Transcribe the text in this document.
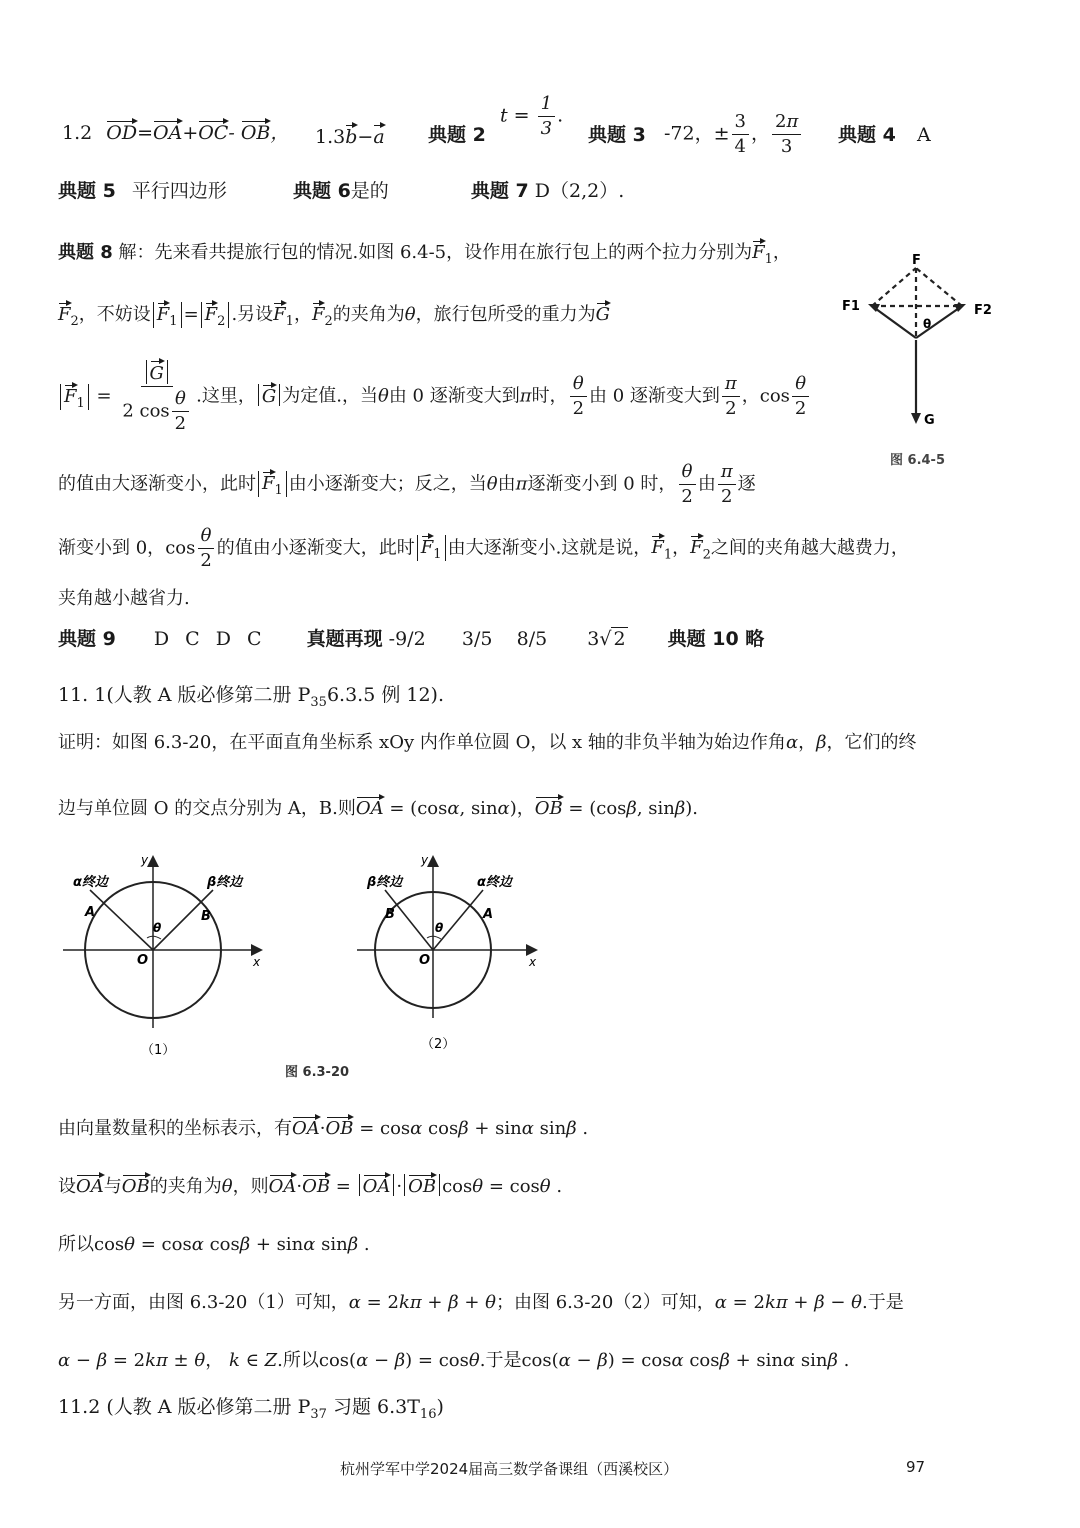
1.2 OD=OA+OC- OB， 1.3b−a 典题 2
$t = \frac{1}{3}$ .
典题 3 -72，± $\frac{3}{4}$ ， $\frac{2\pi}{3}$ 典题 4 A
典题 5 平行四边形	典题 6是的	典题 7 D（2,2）.
典题 8 解：先来看共提旅行包的情况.如图 6.4-5，设作用在旅行包上的两个拉力分别为$F_1$，
$F_2$，不妨设 $F_1 = F_2$ .另设$F_1$，$F_2$的夹角为θ，旅行包所受的重力为G
$F_1 = \frac{G}{2 \cos \frac{\theta}{2}}$ .这里， G 为定值.，当θ由 0 逐渐变大到π时， $\frac{\theta}{2}$ 由 0 逐渐变大到 $\frac{\pi}{2}$ ，$\cos \frac{\theta}{2}$
的值由大逐渐变小，此时 $F_1$ 由小逐渐变大；反之，当θ由π逐渐变小到 0 时， $\frac{\theta}{2}$ 由 $\frac{\pi}{2}$ 逐
渐变小到 0，$\cos \frac{\theta}{2}$ 的值由小逐渐变大，此时 $F_1$ 由大逐渐变小.这就是说，$F_1$，$F_2$之间的夹角越大越费力，
夹角越小越省力.
F
F1	F2
θ
G
图 6.4-5
典题 9 D C D C 真题再现 -9/2      3/5    8/5 3√ 2 典题 10 略
11. 1(人教 A 版必修第二册 $P_{35}6.3.5$ 例 12).
证明：如图 6.3-20，在平面直角坐标系 xOy 内作单位圆 O，以 x 轴的非负半轴为始边作角α，β，它们的终
边与单位圆 O 的交点分别为 A，B.则OA = (cosα, sinα)，OB = (cosβ, sinβ).
α终边	β终边
A	B
θ
O	x
y
（1）
β终边	α终边
B	A
θ
O	x
y
（2）
图 6.3-20
由向量数量积的坐标表示，有OA·OB = cosα cosβ + sinα sinβ .
设OA与OB的夹角为θ，则OA·OB = OA · OB cosθ = cosθ .
所以cosθ = cosα cosβ + sinα sinβ .
另一方面，由图 6.3-20（1）可知，α = 2kπ + β + θ；由图 6.3-20（2）可知，α = 2kπ + β − θ.于是
α − β = 2kπ ± θ， k ∈ Z.所以cos(α − β) = cosθ.于是cos(α − β) = cosα cosβ + sinα sinβ .
11.2 (人教 A 版必修第二册 $P_{37}$ 习题 $6.3T_{16}$)
杭州学军中学2024届高三数学备课组（西溪校区）	97
